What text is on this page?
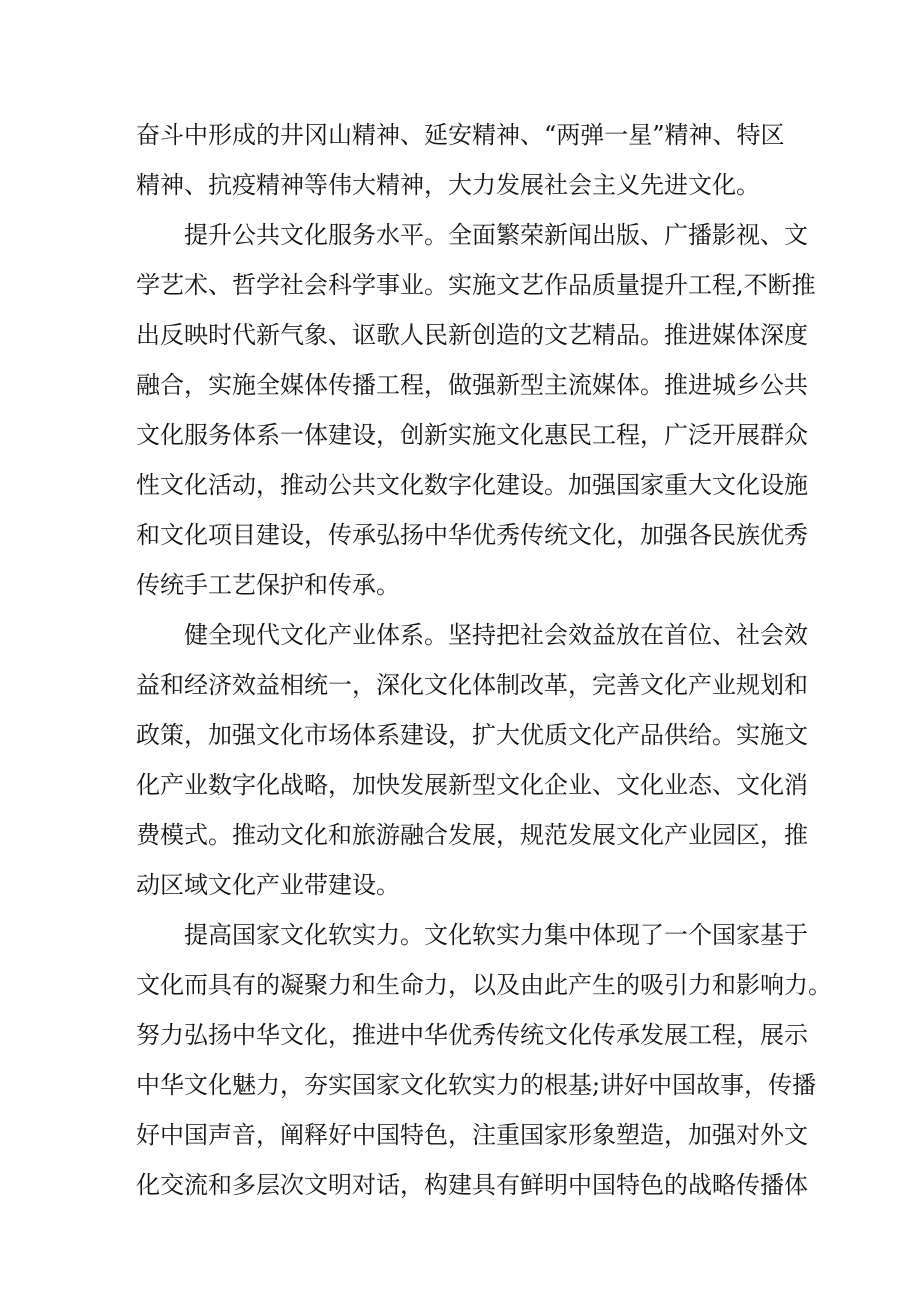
奋斗中形成的井冈山精神、延安精神、“两弹一星”精神、特区
精神、抗疫精神等伟大精神，大力发展社会主义先进文化。
提升公共文化服务水平。全面繁荣新闻出版、广播影视、文
学艺术、哲学社会科学事业。实施文艺作品质量提升工程,不断推
出反映时代新气象、讴歌人民新创造的文艺精品。推进媒体深度
融合，实施全媒体传播工程，做强新型主流媒体。推进城乡公共
文化服务体系一体建设，创新实施文化惠民工程，广泛开展群众
性文化活动，推动公共文化数字化建设。加强国家重大文化设施
和文化项目建设，传承弘扬中华优秀传统文化，加强各民族优秀
传统手工艺保护和传承。
健全现代文化产业体系。坚持把社会效益放在首位、社会效
益和经济效益相统一，深化文化体制改革，完善文化产业规划和
政策，加强文化市场体系建设，扩大优质文化产品供给。实施文
化产业数字化战略，加快发展新型文化企业、文化业态、文化消
费模式。推动文化和旅游融合发展，规范发展文化产业园区，推
动区域文化产业带建设。
提高国家文化软实力。文化软实力集中体现了一个国家基于
文化而具有的凝聚力和生命力，以及由此产生的吸引力和影响力。
努力弘扬中华文化，推进中华优秀传统文化传承发展工程，展示
中华文化魅力，夯实国家文化软实力的根基;讲好中国故事，传播
好中国声音，阐释好中国特色，注重国家形象塑造，加强对外文
化交流和多层次文明对话，构建具有鲜明中国特色的战略传播体
